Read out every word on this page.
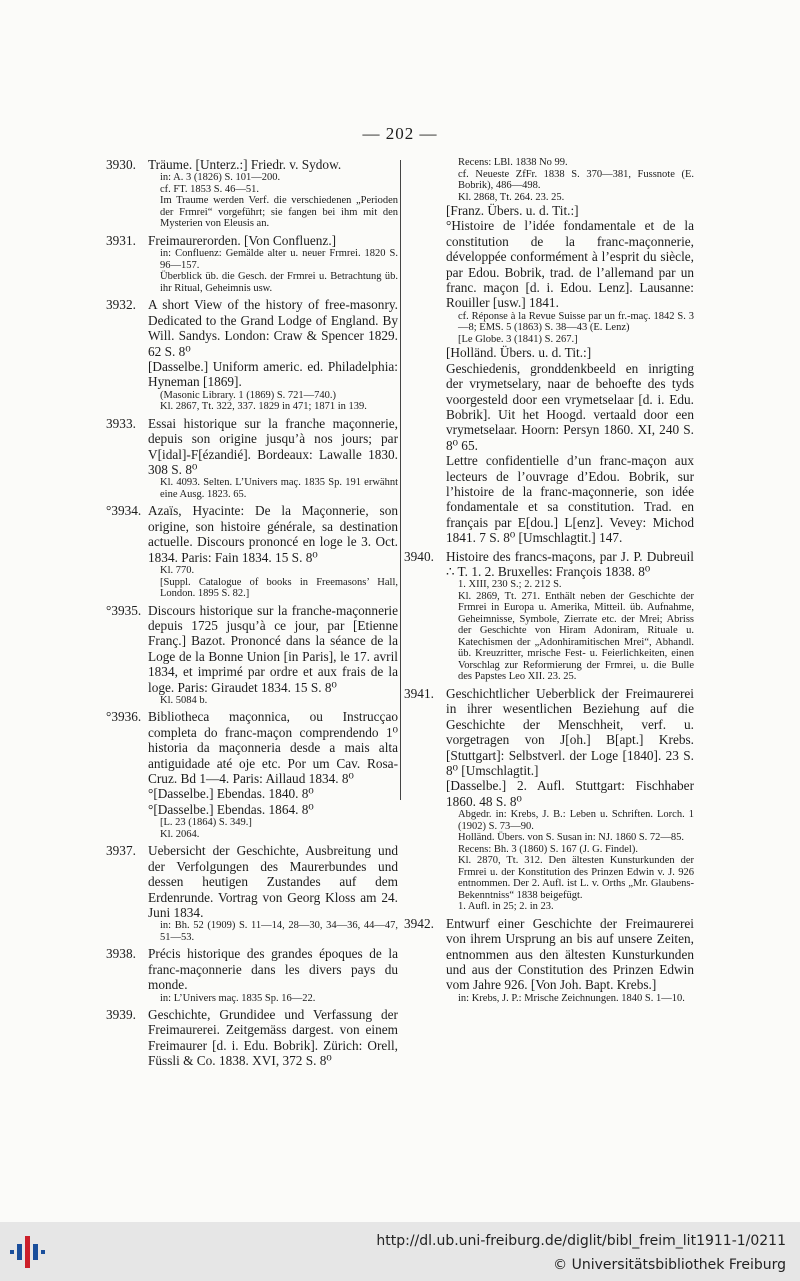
— 202 —
3930. Träume. [Unterz.:] Friedr. v. Sydow.
in: A. 3 (1826) S. 101—200.
cf. FT. 1853 S. 46—51.
Im Traume werden Verf. die verschiedenen „Perioden der Frmrei“ vorgeführt; sie fangen bei ihm mit den Mysterien von Eleusis an.
3931. Freimaurerorden. [Von Confluenz.]
in: Confluenz: Gemälde alter u. neuer Frmrei. 1820 S. 96—157.
Überblick üb. die Gesch. der Frmrei u. Betrachtung üb. ihr Ritual, Geheimnis usw.
3932. A short View of the history of free-masonry. Dedicated to the Grand Lodge of England. By Will. Sandys. London: Craw & Spencer 1829. 62 S. 8⁰
[Dasselbe.] Uniform americ. ed. Philadelphia: Hyneman [1869].
(Masonic Library. 1 (1869) S. 721—740.)
Kl. 2867, Tt. 322, 337. 1829 in 471; 1871 in 139.
3933. Essai historique sur la franche maçonnerie, depuis son origine jusqu’à nos jours; par V[idal]-F[ézandié]. Bordeaux: Lawalle 1830. 308 S. 8⁰
Kl. 4093. Selten. L’Univers maç. 1835 Sp. 191 erwähnt eine Ausg. 1823. 65.
°3934. Azaïs, Hyacinte: De la Maçonnerie, son origine, son histoire générale, sa destination actuelle. Discours prononcé en loge le 3. Oct. 1834. Paris: Fain 1834. 15 S. 8⁰
Kl. 770.
[Suppl. Catalogue of books in Freemasons’ Hall, London. 1895 S. 82.]
°3935. Discours historique sur la franche-maçonnerie depuis 1725 jusqu’à ce jour, par [Etienne Franç.] Bazot. Prononcé dans la séance de la Loge de la Bonne Union [in Paris], le 17. avril 1834, et imprimé par ordre et aux frais de la loge. Paris: Giraudet 1834. 15 S. 8⁰
Kl. 5084 b.
°3936. Bibliotheca maçonnica, ou Instrucçao completa do franc-maçon comprendendo 1⁰ historia da maçonneria desde a mais alta antiguidade até oje etc. Por um Cav. Rosa-Cruz. Bd 1—4. Paris: Aillaud 1834. 8⁰
°[Dasselbe.] Ebendas. 1840. 8⁰
°[Dasselbe.] Ebendas. 1864. 8⁰
[L. 23 (1864) S. 349.]
Kl. 2064.
3937. Uebersicht der Geschichte, Ausbreitung und der Verfolgungen des Maurerbundes und dessen heutigen Zustandes auf dem Erdenrunde. Vortrag von Georg Kloss am 24. Juni 1834.
in: Bh. 52 (1909) S. 11—14, 28—30, 34—36, 44—47, 51—53.
3938. Précis historique des grandes époques de la franc-maçonnerie dans les divers pays du monde.
in: L’Univers maç. 1835 Sp. 16—22.
3939. Geschichte, Grundidee und Verfassung der Freimaurerei. Zeitgemäss dargest. von einem Freimaurer [d. i. Edu. Bobrik]. Zürich: Orell, Füssli & Co. 1838. XVI, 372 S. 8⁰
Recens: LBl. 1838 No 99.
cf. Neueste ZfFr. 1838 S. 370—381, Fussnote (E. Bobrik), 486—498.
Kl. 2868, Tt. 264. 23. 25.
[Franz. Übers. u. d. Tit.:]
°Histoire de l’idée fondamentale et de la constitution de la franc-maçonnerie, développée conformément à l’esprit du siècle, par Edou. Bobrik, trad. de l’allemand par un franc. maçon [d. i. Edou. Lenz]. Lausanne: Rouiller [usw.] 1841.
cf. Réponse à la Revue Suisse par un fr.-maç. 1842 S. 3—8; EMS. 5 (1863) S. 38—43 (E. Lenz)
[Le Globe. 3 (1841) S. 267.]
[Holländ. Übers. u. d. Tit.:]
Geschiedenis, gronddenkbeeld en inrigting der vrymetselary, naar de behoefte des tyds voorgesteld door een vrymetselaar [d. i. Edu. Bobrik]. Uit het Hoogd. vertaald door een vrymetselaar. Hoorn: Persyn 1860. XI, 240 S. 8⁰ 65.
Lettre confidentielle d’un franc-maçon aux lecteurs de l’ouvrage d’Edou. Bobrik, sur l’histoire de la franc-maçonnerie, son idée fondamentale et sa constitution. Trad. en français par E[dou.] L[enz]. Vevey: Michod 1841. 7 S. 8⁰ [Umschlagtit.] 147.
3940. Histoire des francs-maçons, par J. P. Dubreuil ∴ T. 1. 2. Bruxelles: François 1838. 8⁰
1. XIII, 230 S.; 2. 212 S.
Kl. 2869, Tt. 271. Enthält neben der Geschichte der Frmrei in Europa u. Amerika, Mitteil. üb. Aufnahme, Geheimnisse, Symbole, Zierrate etc. der Mrei; Abriss der Geschichte von Hiram Adoniram, Rituale u. Katechismen der „Adonhiramitischen Mrei“, Abhandl. üb. Kreuzritter, mrische Fest- u. Feierlichkeiten, einen Vorschlag zur Reformierung der Frmrei, u. die Bulle des Papstes Leo XII. 23. 25.
3941. Geschichtlicher Ueberblick der Freimaurerei in ihrer wesentlichen Beziehung auf die Geschichte der Menschheit, verf. u. vorgetragen von J[oh.] B[apt.] Krebs. [Stuttgart]: Selbstverl. der Loge [1840]. 23 S. 8⁰ [Umschlagtit.]
[Dasselbe.] 2. Aufl. Stuttgart: Fischhaber 1860. 48 S. 8⁰
Abgedr. in: Krebs, J. B.: Leben u. Schriften. Lorch. 1 (1902) S. 73—90.
Holländ. Übers. von S. Susan in: NJ. 1860 S. 72—85.
Recens: Bh. 3 (1860) S. 167 (J. G. Findel).
Kl. 2870, Tt. 312. Den ältesten Kunsturkunden der Frmrei u. der Konstitution des Prinzen Edwin v. J. 926 entnommen. Der 2. Aufl. ist L. v. Orths „Mr. Glaubens-Bekenntniss“ 1838 beigefügt.
1. Aufl. in 25; 2. in 23.
3942. Entwurf einer Geschichte der Freimaurerei von ihrem Ursprung an bis auf unsere Zeiten, entnommen aus den ältesten Kunsturkunden und aus der Constitution des Prinzen Edwin vom Jahre 926. [Von Joh. Bapt. Krebs.]
in: Krebs, J. P.: Mrische Zeichnungen. 1840 S. 1—10.
http://dl.ub.uni-freiburg.de/diglit/bibl_freim_lit1911-1/0211
© Universitätsbibliothek Freiburg
